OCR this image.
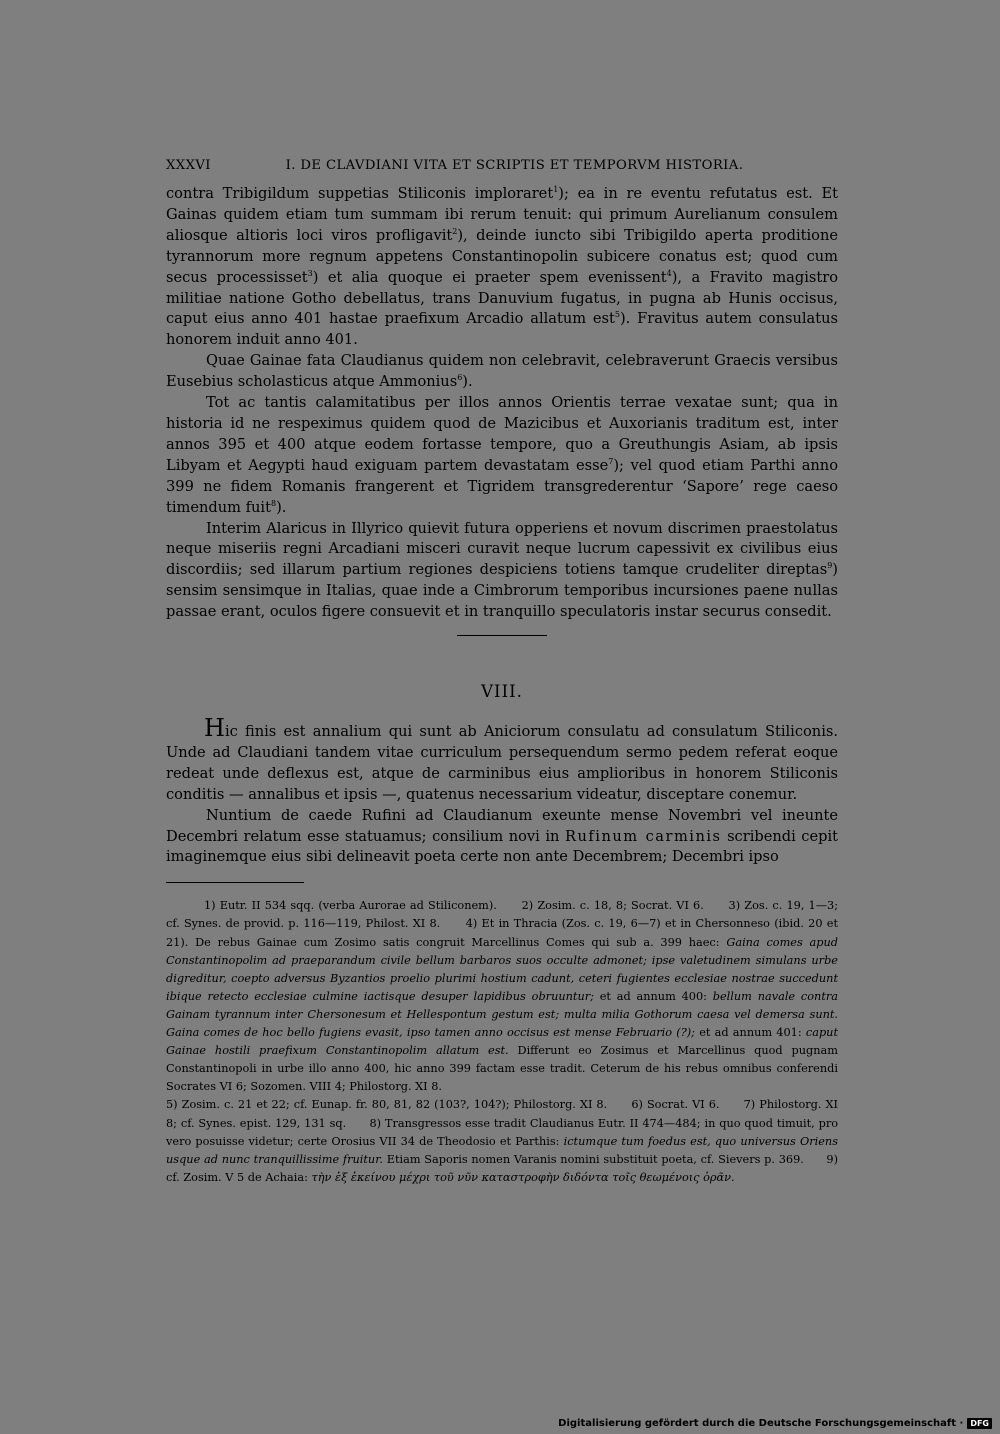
XXXVI	I. DE CLAVDIANI VITA ET SCRIPTIS ET TEMPORVM HISTORIA.

contra Tribigildum suppetias Stiliconis imploraret$^1$); ea in re eventu refutatus est. Et Gainas quidem etiam tum summam ibi rerum tenuit: qui primum Aurelianum consulem aliosque altioris loci viros profligavit$^2$), deinde iuncto sibi Tribigildo aperta proditione tyrannorum more regnum appetens Constantinopolin subicere conatus est; quod cum secus processisset$^3$) et alia quoque ei praeter spem evenissent$^4$), a Fravito magistro militiae natione Gotho debellatus, trans Danuvium fugatus, in pugna ab Hunis occisus, caput eius anno 401 hastae praefixum Arcadio allatum est$^5$). Fravitus autem consulatus honorem induit anno 401.

Quae Gainae fata Claudianus quidem non celebravit, celebraverunt Graecis versibus Eusebius scholasticus atque Ammonius$^6$).

Tot ac tantis calamitatibus per illos annos Orientis terrae vexatae sunt; qua in historia id ne respeximus quidem quod de Mazicibus et Auxorianis traditum est, inter annos 395 et 400 atque eodem fortasse tempore, quo a Greuthungis Asiam, ab ipsis Libyam et Aegypti haud exiguam partem devastatam esse$^7$); vel quod etiam Parthi anno 399 ne fidem Romanis frangerent et Tigridem transgrederentur ‘Sapore’ rege caeso timendum fuit$^8$).

Interim Alaricus in Illyrico quievit futura opperiens et novum discrimen praestolatus neque miseriis regni Arcadiani misceri curavit neque lucrum capessivit ex civilibus eius discordiis; sed illarum partium regiones despiciens totiens tamque crudeliter direptas$^9$) sensim sensimque in Italias, quae inde a Cimbrorum temporibus incursiones paene nullas passae erant, oculos figere consuevit et in tranquillo speculatoris instar securus consedit.

VIII.

Hic finis est annalium qui sunt ab Aniciorum consulatu ad consulatum Stiliconis. Unde ad Claudiani tandem vitae curriculum persequendum sermo pedem referat eoque redeat unde deflexus est, atque de carminibus eius amplioribus in honorem Stiliconis conditis — annalibus et ipsis —, quatenus necessarium videatur, disceptare conemur.

Nuntium de caede Rufini ad Claudianum exeunte mense Novembri vel ineunte Decembri relatum esse statuamus; consilium novi in Rufinum carminis scribendi cepit imaginemque eius sibi delineavit poeta certe non ante Decembrem; Decembri ipso

1) Eutr. II 534 sqq. (verba Aurorae ad Stiliconem). 2) Zosim. c. 18, 8; Socrat. VI 6. 3) Zos. c. 19, 1—3; cf. Synes. de provid. p. 116—119, Philost. XI 8. 4) Et in Thracia (Zos. c. 19, 6—7) et in Chersonneso (ibid. 20 et 21). De rebus Gainae cum Zosimo satis congruit Marcellinus Comes qui sub a. 399 haec: Gaina comes apud Constantinopolim ad praeparandum civile bellum barbaros suos occulte admonet; ipse valetudinem simulans urbe digreditur, coepto adversus Byzantios proelio plurimi hostium cadunt, ceteri fugientes ecclesiae nostrae succedunt ibique retecto ecclesiae culmine iactisque desuper lapidibus obruuntur; et ad annum 400: bellum navale contra Gainam tyrannum inter Chersonesum et Hellespontum gestum est; multa milia Gothorum caesa vel demersa sunt. Gaina comes de hoc bello fugiens evasit, ipso tamen anno occisus est mense Februario (?); et ad annum 401: caput Gainae hostili praefixum Constantinopolim allatum est. Differunt eo Zosimus et Marcellinus quod pugnam Constantinopoli in urbe illo anno 400, hic anno 399 factam esse tradit. Ceterum de his rebus omnibus conferendi Socrates VI 6; Sozomen. VIII 4; Philostorg. XI 8.

5) Zosim. c. 21 et 22; cf. Eunap. fr. 80, 81, 82 (103?, 104?); Philostorg. XI 8. 6) Socrat. VI 6. 7) Philostorg. XI 8; cf. Synes. epist. 129, 131 sq. 8) Transgressos esse tradit Claudianus Eutr. II 474—484; in quo quod timuit, pro vero posuisse videtur; certe Orosius VII 34 de Theodosio et Parthis: ictumque tum foedus est, quo universus Oriens usque ad nunc tranquillissime fruitur. Etiam Saporis nomen Varanis nomini substituit poeta, cf. Sievers p. 369. 9) cf. Zosim. V 5 de Achaia: τὴν ἐξ ἐκείνου μέχρι τοῦ νῦν καταστροφὴν διδόντα τοῖς θεωμένοις ὁρᾶν.

Digitalisierung gefördert durch die Deutsche Forschungsgemeinschaft · DFG
